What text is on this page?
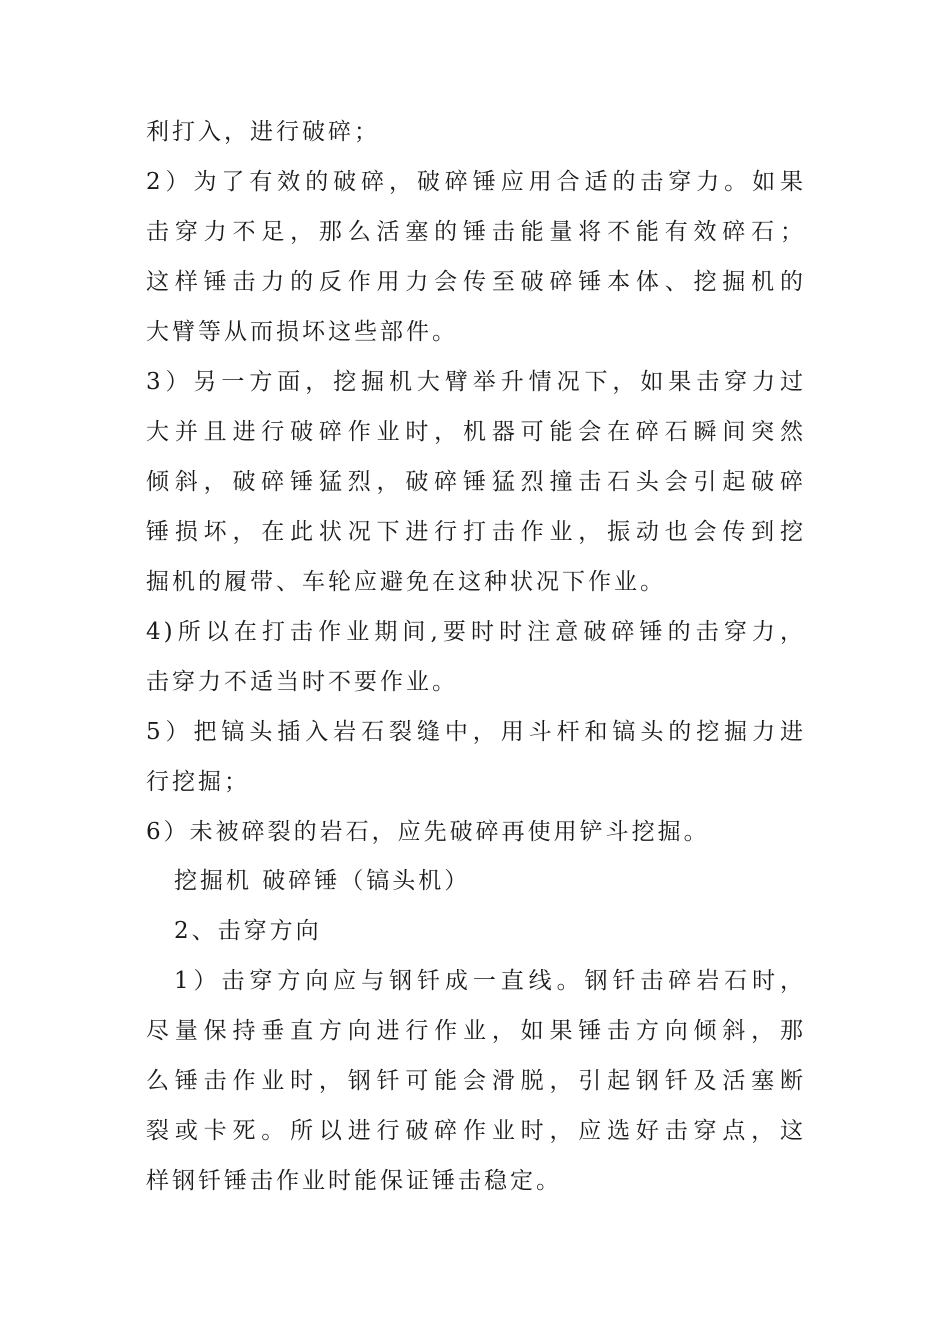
利打入，进行破碎；
2）为了有效的破碎，破碎锤应用合适的击穿力。如果
击穿力不足，那么活塞的锤击能量将不能有效碎石；
这样锤击力的反作用力会传至破碎锤本体、挖掘机的
大臂等从而损坏这些部件。
3）另一方面，挖掘机大臂举升情况下，如果击穿力过
大并且进行破碎作业时，机器可能会在碎石瞬间突然
倾斜，破碎锤猛烈，破碎锤猛烈撞击石头会引起破碎
锤损坏，在此状况下进行打击作业，振动也会传到挖
掘机的履带、车轮应避免在这种状况下作业。
4)所以在打击作业期间,要时时注意破碎锤的击穿力，
击穿力不适当时不要作业。
5）把镐头插入岩石裂缝中，用斗杆和镐头的挖掘力进
行挖掘；
6）未被碎裂的岩石，应先破碎再使用铲斗挖掘。
挖掘机 破碎锤（镐头机）
2、击穿方向
1）击穿方向应与钢钎成一直线。钢钎击碎岩石时，
尽量保持垂直方向进行作业，如果锤击方向倾斜，那
么锤击作业时，钢钎可能会滑脱，引起钢钎及活塞断
裂或卡死。所以进行破碎作业时，应选好击穿点，这
样钢钎锤击作业时能保证锤击稳定。
